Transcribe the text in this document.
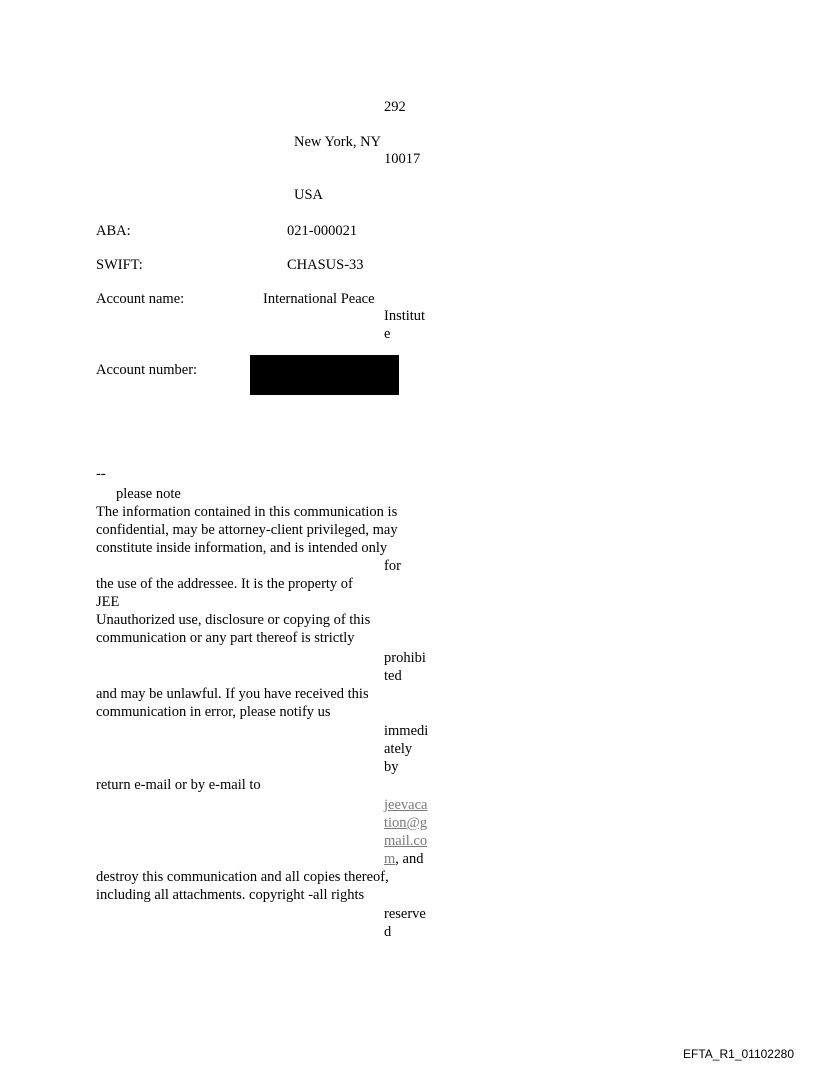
292
New York, NY
10017
USA
ABA:	021-000021
SWIFT:	CHASUS-33
Account name:	International Peace
Institut
e
Account number:
--
please note
The information contained in this communication is
confidential, may be attorney-client privileged, may
constitute inside information, and is intended only
for
the use of the addressee. It is the property of
JEE
Unauthorized use, disclosure or copying of this
communication or any part thereof is strictly
prohibi
ted
and may be unlawful. If you have received this
communication in error, please notify us
immedi
ately
by
return e-mail or by e-mail to
jeevaca
tion@g
mail.co
m, and
destroy this communication and all copies thereof,
including all attachments. copyright -all rights
reserve
d
EFTA_R1_01102280
